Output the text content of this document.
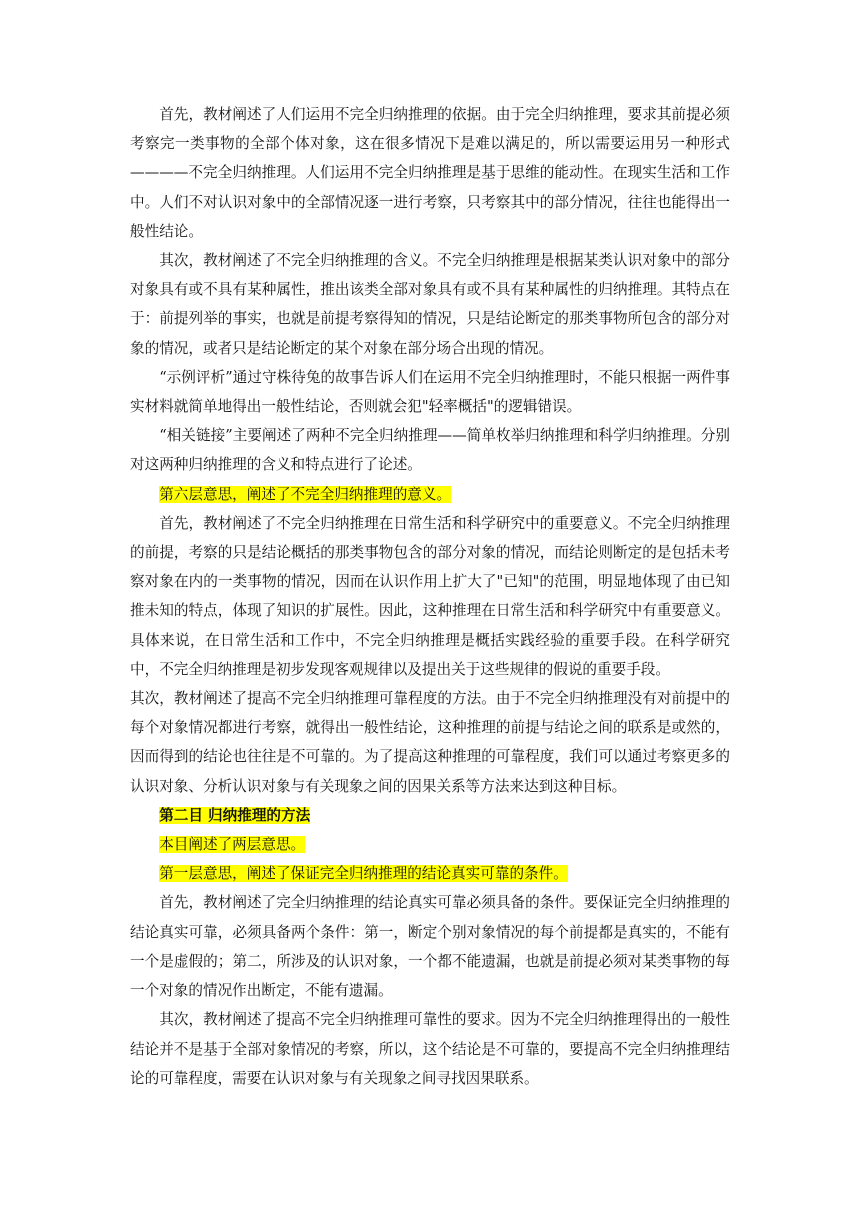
首先，教材阐述了人们运用不完全归纳推理的依据。由于完全归纳推理，要求其前提必须考察完一类事物的全部个体对象，这在很多情况下是难以满足的，所以需要运用另一种形式————不完全归纳推理。人们运用不完全归纳推理是基于思维的能动性。在现实生活和工作中。人们不对认识对象中的全部情况逐一进行考察，只考察其中的部分情况，往往也能得出一般性结论。

其次，教材阐述了不完全归纳推理的含义。不完全归纳推理是根据某类认识对象中的部分对象具有或不具有某种属性，推出该类全部对象具有或不具有某种属性的归纳推理。其特点在于：前提列举的事实，也就是前提考察得知的情况，只是结论断定的那类事物所包含的部分对象的情况，或者只是结论断定的某个对象在部分场合出现的情况。

“示例评析”通过守株待兔的故事告诉人们在运用不完全归纳推理时，不能只根据一两件事实材料就简单地得出一般性结论，否则就会犯"轻率概括"的逻辑错误。

“相关链接”主要阐述了两种不完全归纳推理——简单枚举归纳推理和科学归纳推理。分别对这两种归纳推理的含义和特点进行了论述。

第六层意思，阐述了不完全归纳推理的意义。

首先，教材阐述了不完全归纳推理在日常生活和科学研究中的重要意义。不完全归纳推理的前提，考察的只是结论概括的那类事物包含的部分对象的情况，而结论则断定的是包括未考察对象在内的一类事物的情况，因而在认识作用上扩大了"已知"的范围，明显地体现了由已知推未知的特点，体现了知识的扩展性。因此，这种推理在日常生活和科学研究中有重要意义。具体来说，在日常生活和工作中，不完全归纳推理是概括实践经验的重要手段。在科学研究中，不完全归纳推理是初步发现客观规律以及提出关于这些规律的假说的重要手段。

其次，教材阐述了提高不完全归纳推理可靠程度的方法。由于不完全归纳推理没有对前提中的每个对象情况都进行考察，就得出一般性结论，这种推理的前提与结论之间的联系是或然的，因而得到的结论也往往是不可靠的。为了提高这种推理的可靠程度，我们可以通过考察更多的认识对象、分析认识对象与有关现象之间的因果关系等方法来达到这种目标。

第二目 归纳推理的方法

本目阐述了两层意思。

第一层意思，阐述了保证完全归纳推理的结论真实可靠的条件。

首先，教材阐述了完全归纳推理的结论真实可靠必须具备的条件。要保证完全归纳推理的结论真实可靠，必须具备两个条件：第一，断定个别对象情况的每个前提都是真实的，不能有一个是虚假的；第二，所涉及的认识对象，一个都不能遗漏，也就是前提必须对某类事物的每一个对象的情况作出断定，不能有遗漏。

其次，教材阐述了提高不完全归纳推理可靠性的要求。因为不完全归纳推理得出的一般性结论并不是基于全部对象情况的考察，所以，这个结论是不可靠的，要提高不完全归纳推理结论的可靠程度，需要在认识对象与有关现象之间寻找因果联系。
